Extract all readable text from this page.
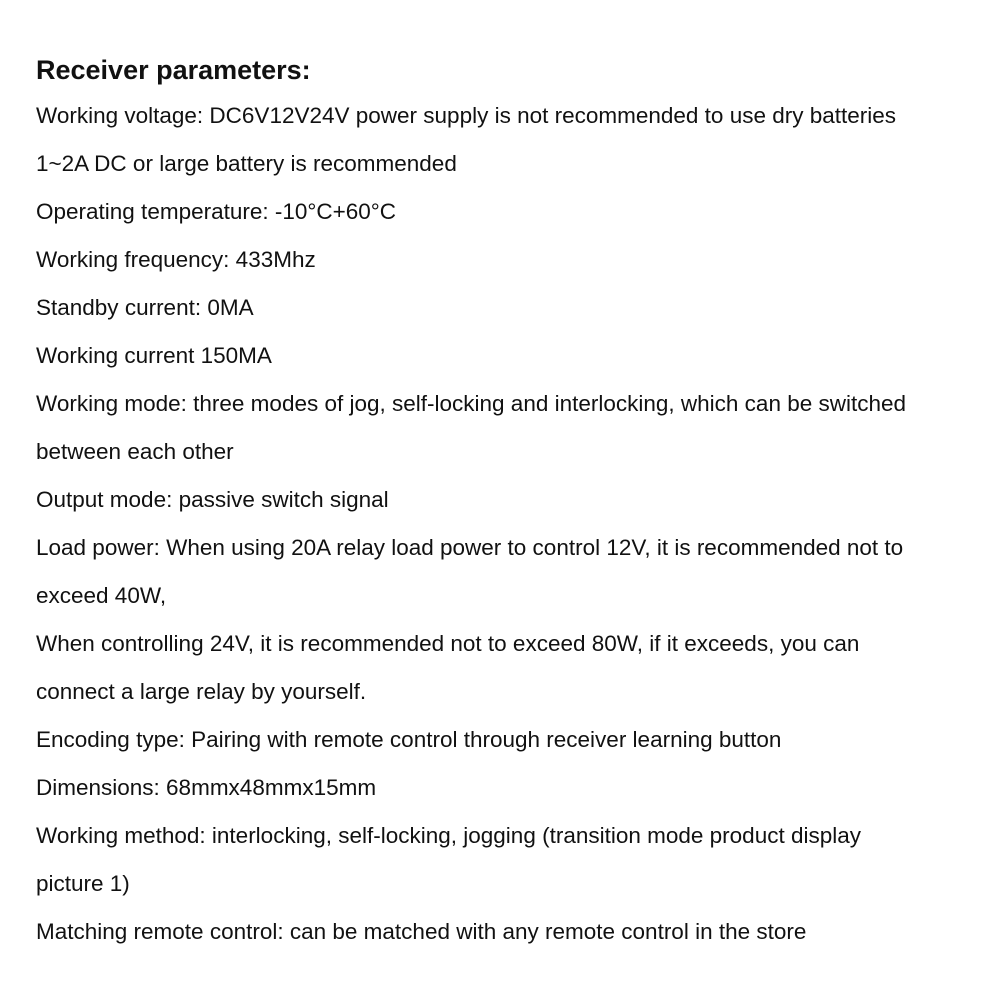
Receiver parameters:

Working voltage: DC6V12V24V power supply is not recommended to use dry batteries

1~2A DC or large battery is recommended

Operating temperature: -10°C+60°C

Working frequency: 433Mhz

Standby current: 0MA

Working current 150MA

Working mode: three modes of jog, self-locking and interlocking, which can be switched

between each other

Output mode: passive switch signal

Load power: When using 20A relay load power to control 12V, it is recommended not to

exceed 40W,

When controlling 24V, it is recommended not to exceed 80W, if it exceeds, you can

connect a large relay by yourself.

Encoding type: Pairing with remote control through receiver learning button

Dimensions: 68mmx48mmx15mm

Working method: interlocking, self-locking, jogging (transition mode product display

picture 1)

Matching remote control: can be matched with any remote control in the store
